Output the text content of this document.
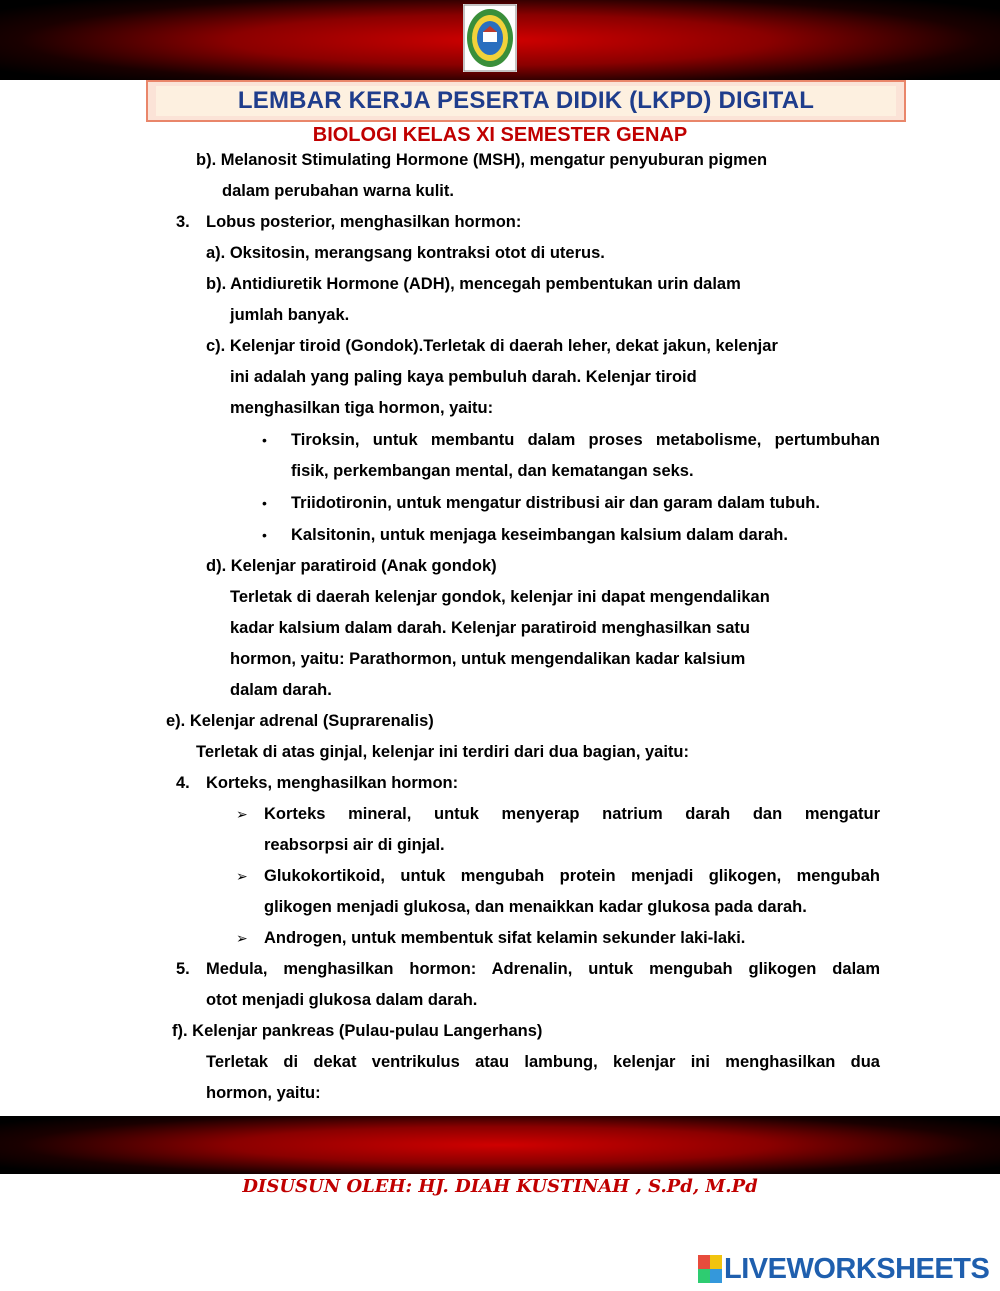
LEMBAR KERJA PESERTA DIDIK (LKPD) DIGITAL
BIOLOGI KELAS XI SEMESTER GENAP
b). Melanosit Stimulating Hormone (MSH), mengatur penyuburan pigmen
dalam perubahan warna kulit.
3. Lobus posterior, menghasilkan hormon:
a). Oksitosin, merangsang kontraksi otot di uterus.
b). Antidiuretik Hormone (ADH), mencegah pembentukan urin dalam
jumlah banyak.
c). Kelenjar tiroid (Gondok).Terletak di daerah leher, dekat jakun, kelenjar
ini adalah yang paling kaya pembuluh darah. Kelenjar tiroid
menghasilkan tiga hormon, yaitu:
• Tiroksin, untuk membantu dalam proses metabolisme, pertumbuhan
fisik, perkembangan mental, dan kematangan seks.
• Triidotironin, untuk mengatur distribusi air dan garam dalam tubuh.
• Kalsitonin, untuk menjaga keseimbangan kalsium dalam darah.
d). Kelenjar paratiroid (Anak gondok)
Terletak di daerah kelenjar gondok, kelenjar ini dapat mengendalikan
kadar kalsium dalam darah. Kelenjar paratiroid menghasilkan satu
hormon, yaitu: Parathormon, untuk mengendalikan kadar kalsium
dalam darah.
e). Kelenjar adrenal (Suprarenalis)
Terletak di atas ginjal, kelenjar ini terdiri dari dua bagian, yaitu:
4. Korteks, menghasilkan hormon:
➢ Korteks mineral, untuk menyerap natrium darah dan mengatur
reabsorpsi air di ginjal.
➢ Glukokortikoid, untuk mengubah protein menjadi glikogen, mengubah
glikogen menjadi glukosa, dan menaikkan kadar glukosa pada darah.
➢ Androgen, untuk membentuk sifat kelamin sekunder laki-laki.
5. Medula, menghasilkan hormon: Adrenalin, untuk mengubah glikogen dalam
otot menjadi glukosa dalam darah.
f). Kelenjar pankreas (Pulau-pulau Langerhans)
Terletak di dekat ventrikulus atau lambung, kelenjar ini menghasilkan dua
hormon, yaitu:
DISUSUN OLEH: HJ. DIAH KUSTINAH , S.Pd, M.Pd
LIVEWORKSHEETS
